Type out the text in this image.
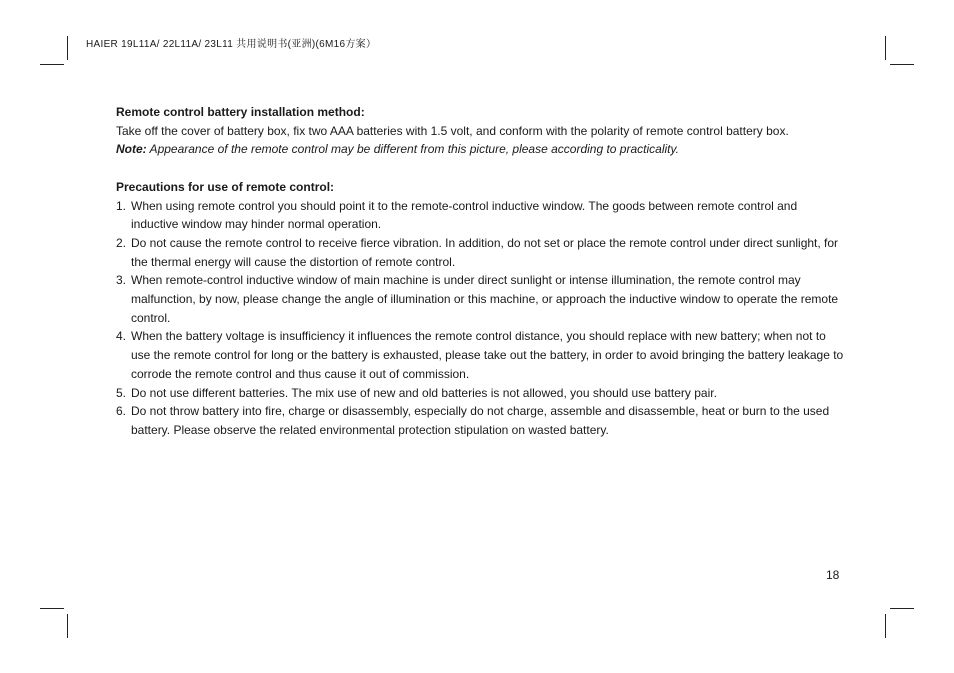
HAIER 19L11A/ 22L11A/ 23L11 共用说明书(亚洲)(6M16方案）

Remote control battery installation method:

Take off the cover of battery box, fix two AAA batteries with 1.5 volt, and conform with the polarity of remote control battery box.

Note: Appearance of the remote control may be different from this picture, please according to practicality.

Precautions for use of remote control:

1. When using remote control you should point it to the remote-control inductive window. The goods between remote control and inductive window may hinder normal operation.
2. Do not cause the remote control to receive fierce vibration. In addition, do not set or place the remote control under direct sunlight, for the thermal energy will cause the distortion of remote control.
3. When remote-control inductive window of main machine is under direct sunlight or intense illumination, the remote control may malfunction, by now, please change the angle of illumination or this machine, or approach the inductive window to operate the remote control.
4. When the battery voltage is insufficiency it influences the remote control distance, you should replace with new battery; when not to use the remote control for long or the battery is exhausted, please take out the battery, in order to avoid bringing the battery leakage to corrode the remote control and thus cause it out of commission.
5. Do not use different batteries. The mix use of new and old batteries is not allowed, you should use battery pair.
6. Do not throw battery into fire, charge or disassembly, especially do not charge, assemble and disassemble, heat or burn to the used battery. Please observe the related environmental protection stipulation on wasted battery.
18
